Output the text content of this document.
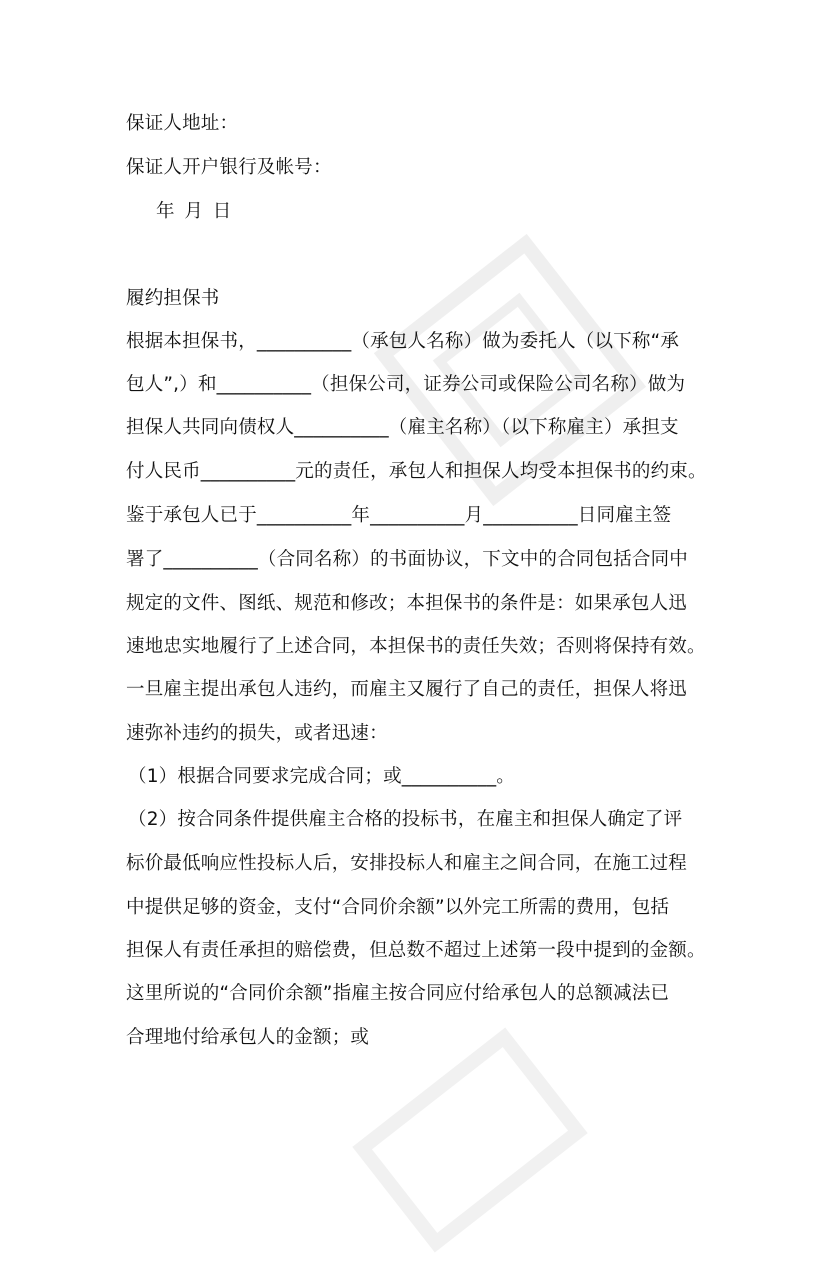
保证人地址：
保证人开户银行及帐号：
年 月 日
履约担保书
根据本担保书，__________（承包人名称）做为委托人（以下称“承
包人”,）和__________（担保公司，证券公司或保险公司名称）做为
担保人共同向债权人__________（雇主名称）（以下称雇主）承担支
付人民币__________元的责任，承包人和担保人均受本担保书的约束。
鉴于承包人已于__________年__________月__________日同雇主签
署了__________（合同名称）的书面协议，下文中的合同包括合同中
规定的文件、图纸、规范和修改；本担保书的条件是：如果承包人迅
速地忠实地履行了上述合同，本担保书的责任失效；否则将保持有效。
一旦雇主提出承包人违约，而雇主又履行了自己的责任，担保人将迅
速弥补违约的损失，或者迅速：
（1）根据合同要求完成合同；或__________。
（2）按合同条件提供雇主合格的投标书，在雇主和担保人确定了评
标价最低响应性投标人后，安排投标人和雇主之间合同，在施工过程
中提供足够的资金，支付“合同价余额”以外完工所需的费用，包括
担保人有责任承担的赔偿费，但总数不超过上述第一段中提到的金额。
这里所说的“合同价余额”指雇主按合同应付给承包人的总额减法已
合理地付给承包人的金额；或
